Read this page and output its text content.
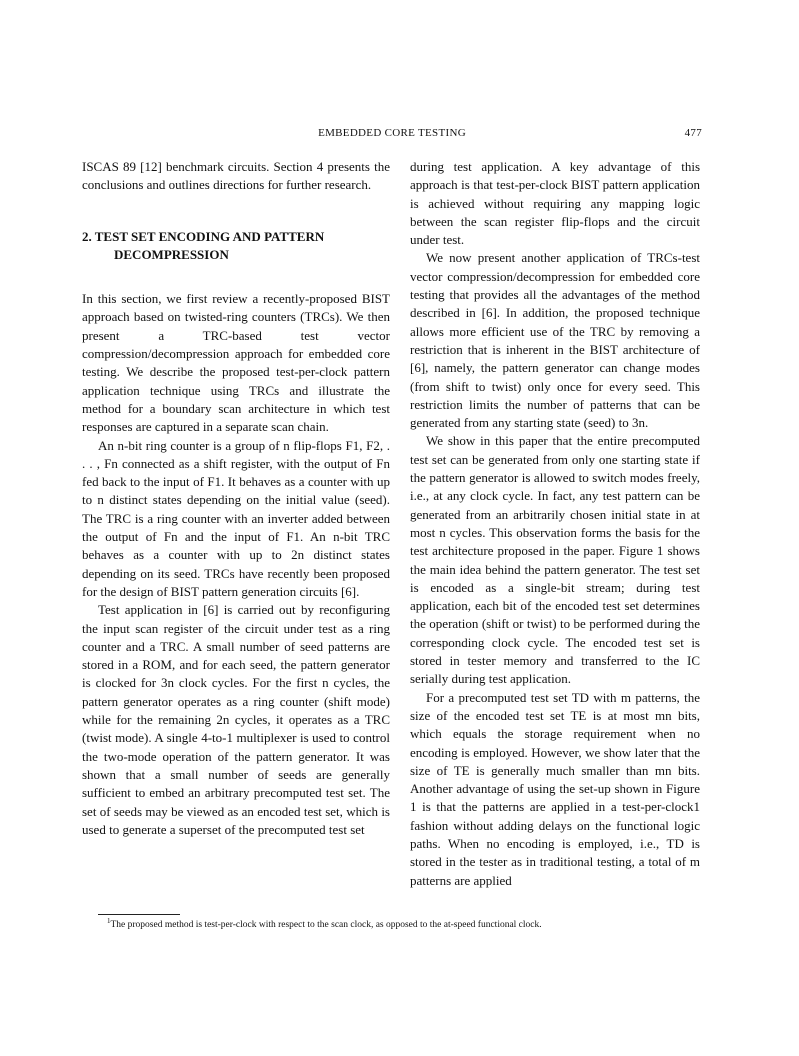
EMBEDDED CORE TESTING	477

ISCAS 89 [12] benchmark circuits. Section 4 presents the conclusions and outlines directions for further research.

2. TEST SET ENCODING AND PATTERN
DECOMPRESSION

In this section, we first review a recently-proposed BIST approach based on twisted-ring counters (TRCs). We then present a TRC-based test vector compression/decompression approach for embedded core testing. We describe the proposed test-per-clock pattern application technique using TRCs and illustrate the method for a boundary scan architecture in which test responses are captured in a separate scan chain.

An n-bit ring counter is a group of n flip-flops F1, F2, . . . , Fn connected as a shift register, with the output of Fn fed back to the input of F1. It behaves as a counter with up to n distinct states depending on the initial value (seed). The TRC is a ring counter with an inverter added between the output of Fn and the input of F1. An n-bit TRC behaves as a counter with up to 2n distinct states depending on its seed. TRCs have recently been proposed for the design of BIST pattern generation circuits [6].

Test application in [6] is carried out by reconfiguring the input scan register of the circuit under test as a ring counter and a TRC. A small number of seed patterns are stored in a ROM, and for each seed, the pattern generator is clocked for 3n clock cycles. For the first n cycles, the pattern generator operates as a ring counter (shift mode) while for the remaining 2n cycles, it operates as a TRC (twist mode). A single 4-to-1 multiplexer is used to control the two-mode operation of the pattern generator. It was shown that a small number of seeds are generally sufficient to embed an arbitrary precomputed test set. The set of seeds may be viewed as an encoded test set, which is used to generate a superset of the precomputed test set

during test application. A key advantage of this approach is that test-per-clock BIST pattern application is achieved without requiring any mapping logic between the scan register flip-flops and the circuit under test.

We now present another application of TRCs-test vector compression/decompression for embedded core testing that provides all the advantages of the method described in [6]. In addition, the proposed technique allows more efficient use of the TRC by removing a restriction that is inherent in the BIST architecture of [6], namely, the pattern generator can change modes (from shift to twist) only once for every seed. This restriction limits the number of patterns that can be generated from any starting state (seed) to 3n.

We show in this paper that the entire precomputed test set can be generated from only one starting state if the pattern generator is allowed to switch modes freely, i.e., at any clock cycle. In fact, any test pattern can be generated from an arbitrarily chosen initial state in at most n cycles. This observation forms the basis for the test architecture proposed in the paper. Figure 1 shows the main idea behind the pattern generator. The test set is encoded as a single-bit stream; during test application, each bit of the encoded test set determines the operation (shift or twist) to be performed during the corresponding clock cycle. The encoded test set is stored in tester memory and transferred to the IC serially during test application.

For a precomputed test set TD with m patterns, the size of the encoded test set TE is at most mn bits, which equals the storage requirement when no encoding is employed. However, we show later that the size of TE is generally much smaller than mn bits. Another advantage of using the set-up shown in Figure 1 is that the patterns are applied in a test-per-clock1 fashion without adding delays on the functional logic paths. When no encoding is employed, i.e., TD is stored in the tester as in traditional testing, a total of m patterns are applied

$^1$The proposed method is test-per-clock with respect to the scan clock, as opposed to the at-speed functional clock.
